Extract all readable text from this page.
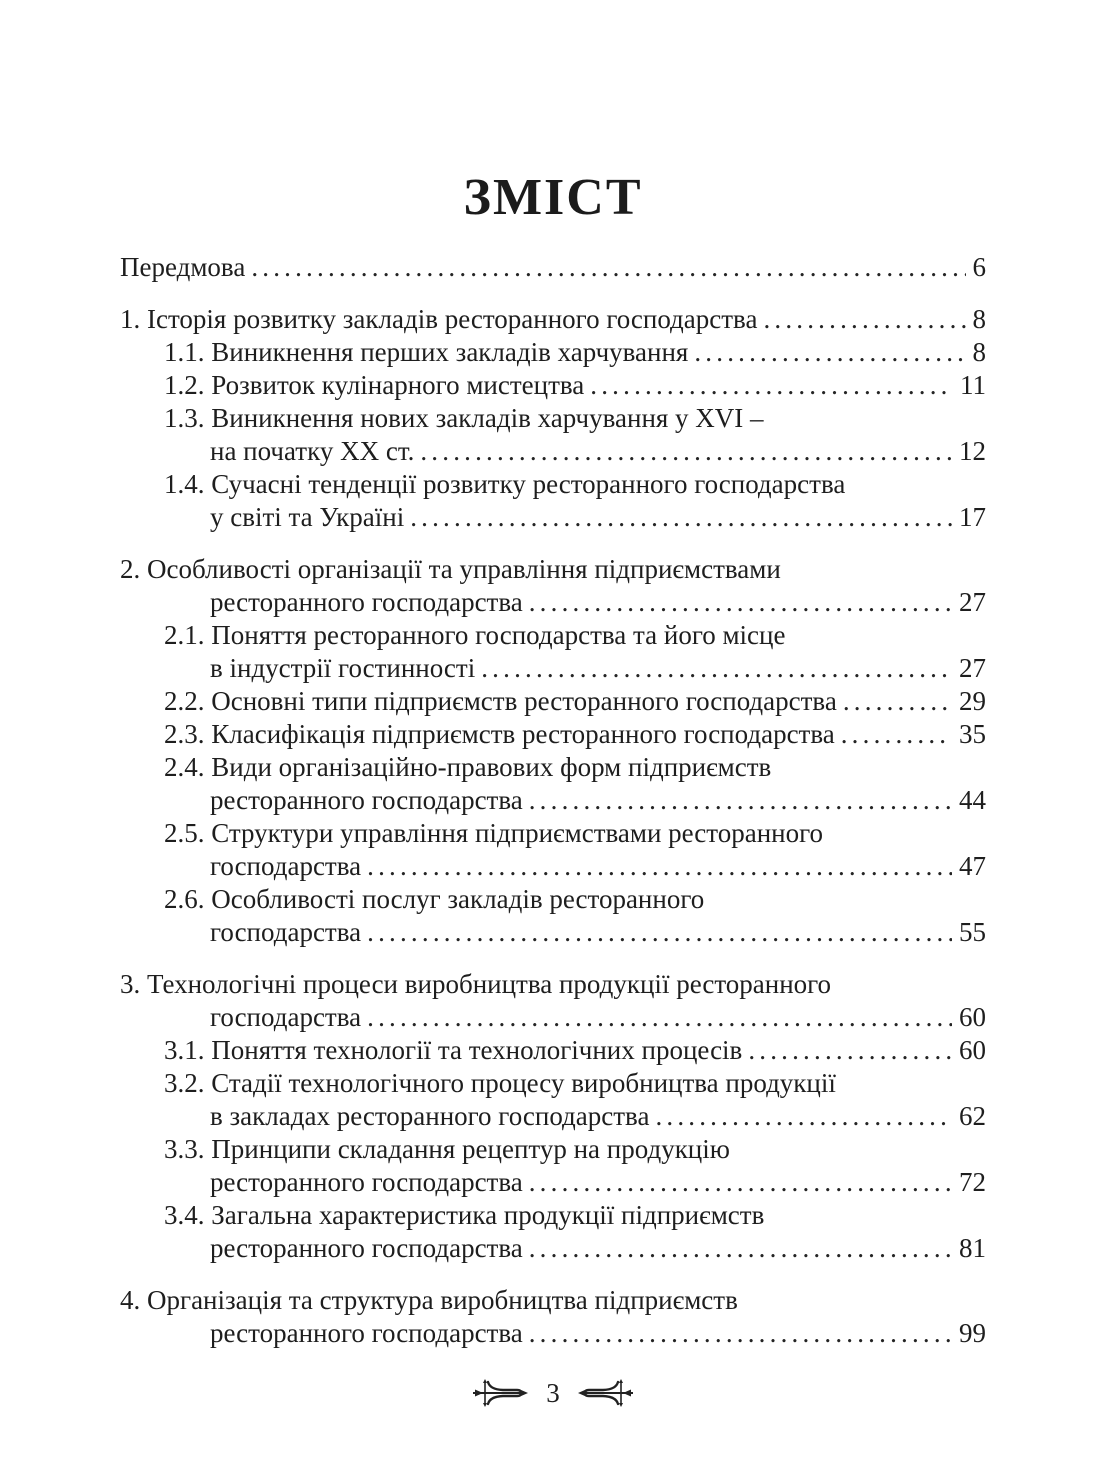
ЗМІСТ
Передмова .....	6
1. Історія розвитку закладів ресторанного господарства .....	8
1.1. Виникнення перших закладів харчування .....	8
1.2. Розвиток кулінарного мистецтва .....	11
1.3. Виникнення нових закладів харчування у XVI –
на початку XX ст. .....	12
1.4. Сучасні тенденції розвитку ресторанного господарства
у світі та Україні .....	17
2. Особливості організації та управління підприємствами
ресторанного господарства .....	27
2.1. Поняття ресторанного господарства та його місце
в індустрії гостинності .....	27
2.2. Основні типи підприємств ресторанного господарства .....	29
2.3. Класифікація підприємств ресторанного господарства .....	35
2.4. Види організаційно-правових форм підприємств
ресторанного господарства .....	44
2.5. Структури управління підприємствами ресторанного
господарства .....	47
2.6. Особливості послуг закладів ресторанного
господарства .....	55
3. Технологічні процеси виробництва продукції ресторанного
господарства .....	60
3.1. Поняття технології та технологічних процесів .....	60
3.2. Стадії технологічного процесу виробництва продукції
в закладах ресторанного господарства .....	62
3.3. Принципи складання рецептур на продукцію
ресторанного господарства .....	72
3.4. Загальна характеристика продукції підприємств
ресторанного господарства .....	81
4. Організація та структура виробництва підприємств
ресторанного господарства .....	99
3
